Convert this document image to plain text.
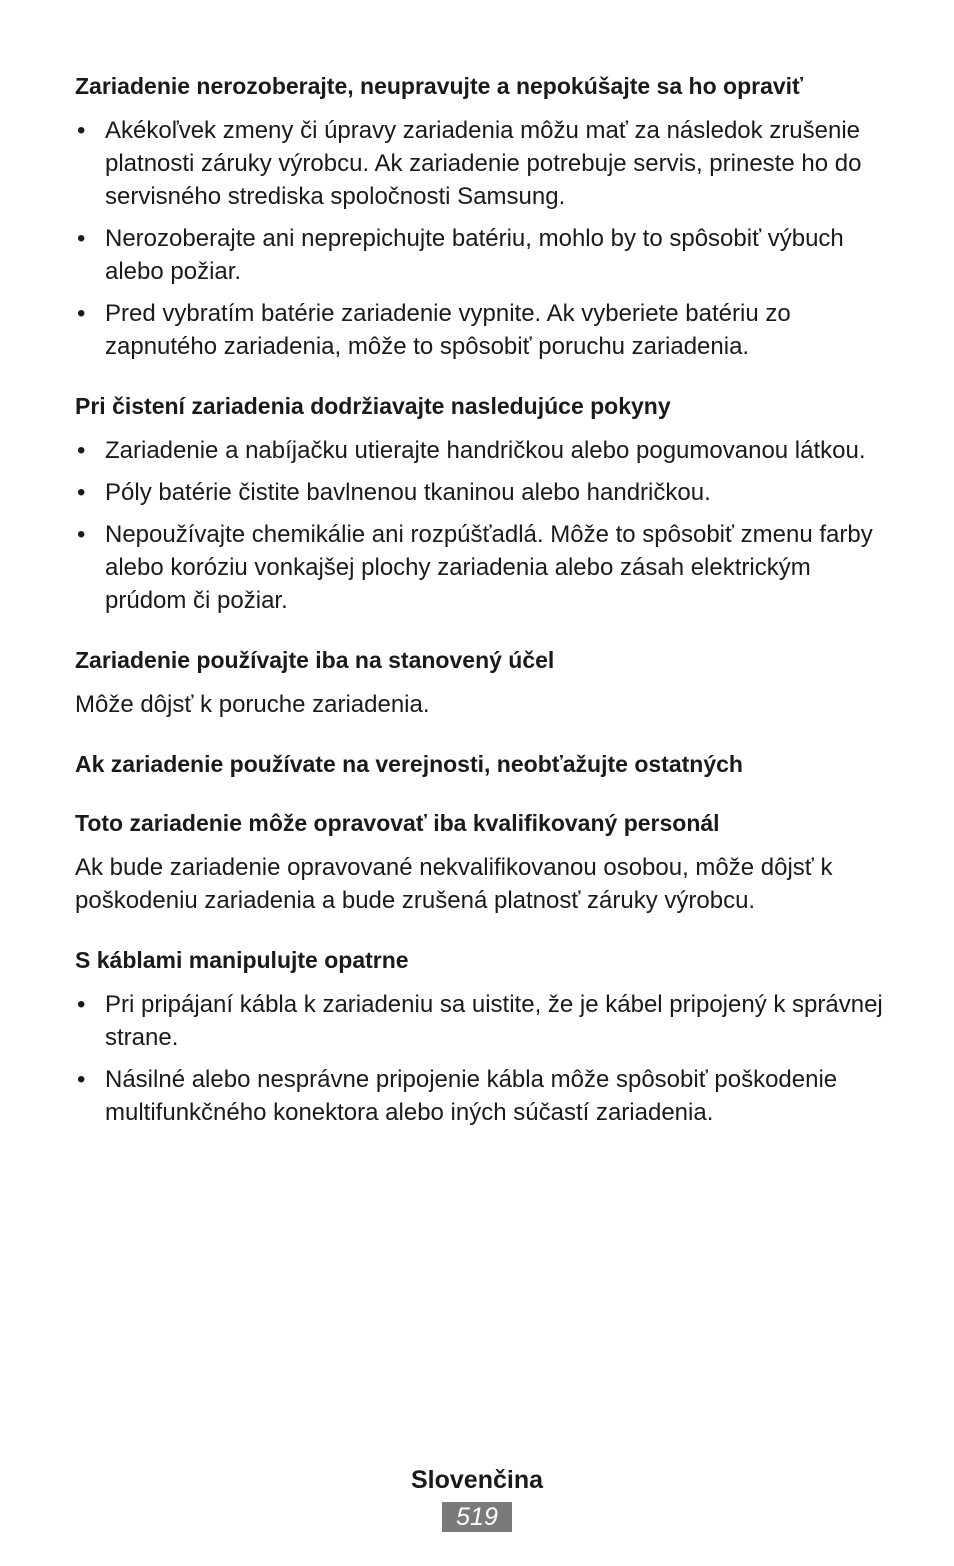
Zariadenie nerozoberajte, neupravujte a nepokúšajte sa ho opraviť
• Akékoľvek zmeny či úpravy zariadenia môžu mať za následok zrušenie platnosti záruky výrobcu. Ak zariadenie potrebuje servis, prineste ho do servisného strediska spoločnosti Samsung.
• Nerozoberajte ani neprepichujte batériu, mohlo by to spôsobiť výbuch alebo požiar.
• Pred vybratím batérie zariadenie vypnite. Ak vyberiete batériu zo zapnutého zariadenia, môže to spôsobiť poruchu zariadenia.
Pri čistení zariadenia dodržiavajte nasledujúce pokyny
• Zariadenie a nabíjačku utierajte handričkou alebo pogumovanou látkou.
• Póly batérie čistite bavlnenou tkaninou alebo handričkou.
• Nepoužívajte chemikálie ani rozpúšťadlá. Môže to spôsobiť zmenu farby alebo koróziu vonkajšej plochy zariadenia alebo zásah elektrickým prúdom či požiar.
Zariadenie používajte iba na stanovený účel

Môže dôjsť k poruche zariadenia.

Ak zariadenie používate na verejnosti, neobťažujte ostatných
Toto zariadenie môže opravovať iba kvalifikovaný personál

Ak bude zariadenie opravované nekvalifikovanou osobou, môže dôjsť k poškodeniu zariadenia a bude zrušená platnosť záruky výrobcu.

S káblami manipulujte opatrne
• Pri pripájaní kábla k zariadeniu sa uistite, že je kábel pripojený k správnej strane.
• Násilné alebo nesprávne pripojenie kábla môže spôsobiť poškodenie multifunkčného konektora alebo iných súčastí zariadenia.
Slovenčina
519
